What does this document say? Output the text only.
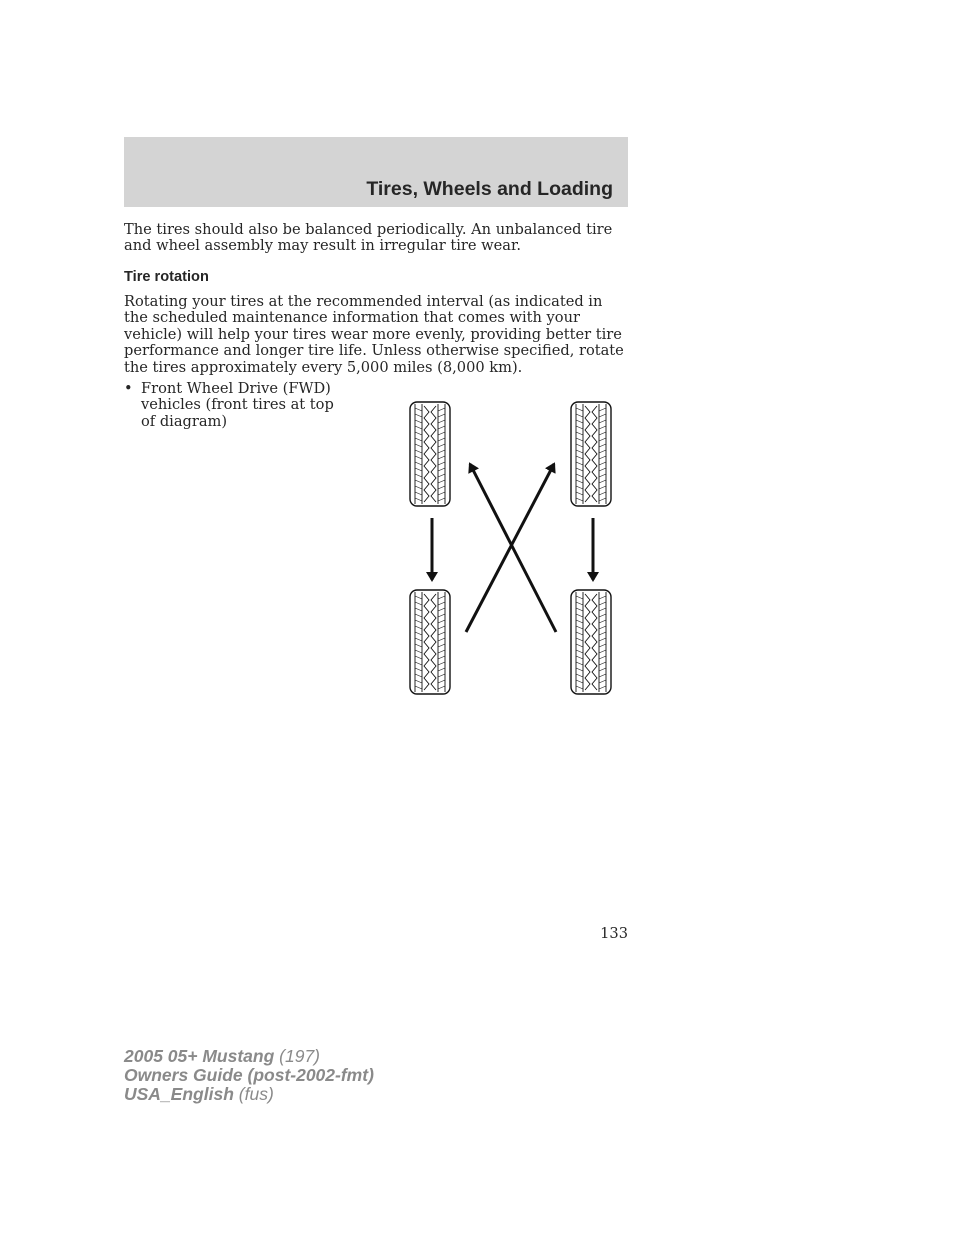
Tires, Wheels and Loading

The tires should also be balanced periodically. An unbalanced tire and wheel assembly may result in irregular tire wear.

Tire rotation

Rotating your tires at the recommended interval (as indicated in the scheduled maintenance information that comes with your vehicle) will help your tires wear more evenly, providing better tire performance and longer tire life. Unless otherwise specified, rotate the tires approximately every 5,000 miles (8,000 km).

• Front Wheel Drive (FWD) vehicles (front tires at top of diagram)
133
2005 05+ Mustang (197)
Owners Guide (post-2002-fmt)
USA_English (fus)
